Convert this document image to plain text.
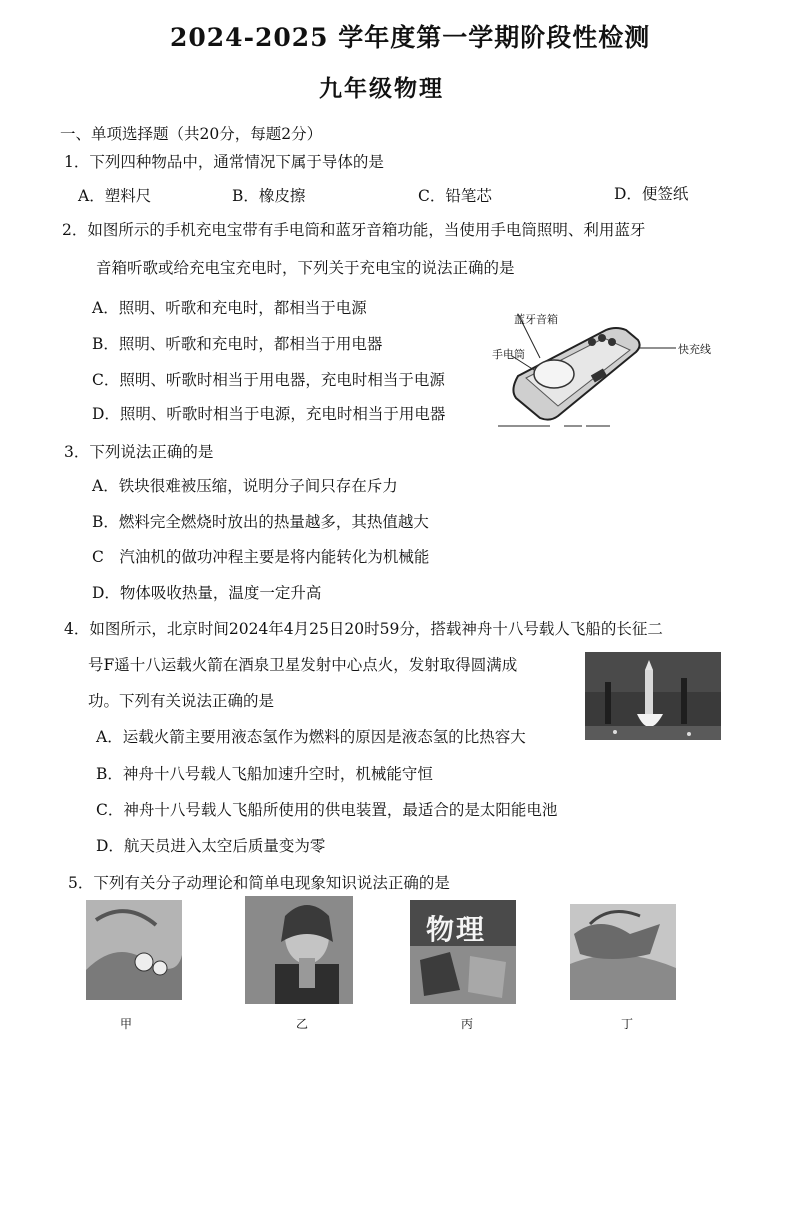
2024-2025 学年度第一学期阶段性检测
九年级物理
一、单项选择题（共20分，每题2分）
1．下列四种物品中，通常情况下属于导体的是
A．塑料尺	B．橡皮擦	C．铅笔芯	D．便签纸
2．如图所示的手机充电宝带有手电筒和蓝牙音箱功能，当使用手电筒照明、利用蓝牙
音箱听歌或给充电宝充电时，下列关于充电宝的说法正确的是
A．照明、听歌和充电时，都相当于电源
B．照明、听歌和充电时，都相当于用电器
C．照明、听歌时相当于用电器，充电时相当于电源
D．照明、听歌时相当于电源，充电时相当于用电器
蓝牙音箱
手电筒	快充线
3．下列说法正确的是
A．铁块很难被压缩，说明分子间只存在斥力
B．燃料完全燃烧时放出的热量越多，其热值越大
C　汽油机的做功冲程主要是将内能转化为机械能
D．物体吸收热量，温度一定升高
4．如图所示，北京时间2024年4月25日20时59分，搭载神舟十八号载人飞船的长征二
号F遥十八运载火箭在酒泉卫星发射中心点火，发射取得圆满成
功。下列有关说法正确的是
A．运载火箭主要用液态氢作为燃料的原因是液态氢的比热容大
B．神舟十八号载人飞船加速升空时，机械能守恒
C．神舟十八号载人飞船所使用的供电装置，最适合的是太阳能电池
D．航天员进入太空后质量变为零
5．下列有关分子动理论和简单电现象知识说法正确的是
甲	乙
物理
丙	丁
